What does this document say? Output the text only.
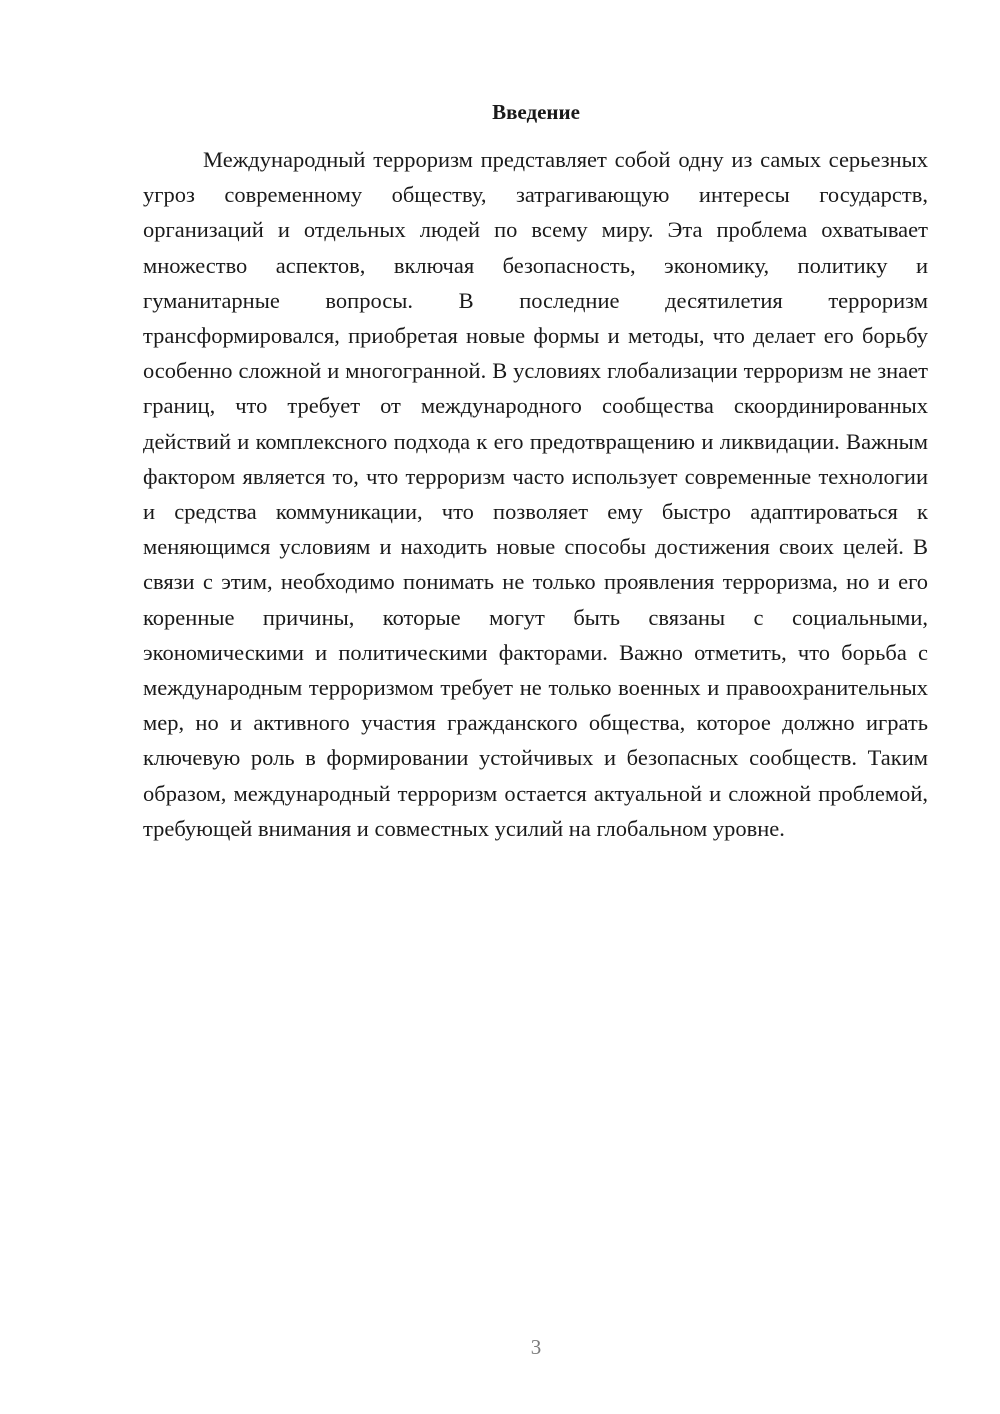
Введение

Международный терроризм представляет собой одну из самых серьезных угроз современному обществу, затрагивающую интересы государств, организаций и отдельных людей по всему миру. Эта проблема охватывает множество аспектов, включая безопасность, экономику, политику и гуманитарные вопросы. В последние десятилетия терроризм трансформировался, приобретая новые формы и методы, что делает его борьбу особенно сложной и многогранной. В условиях глобализации терроризм не знает границ, что требует от международного сообщества скоординированных действий и комплексного подхода к его предотвращению и ликвидации. Важным фактором является то, что терроризм часто использует современные технологии и средства коммуникации, что позволяет ему быстро адаптироваться к меняющимся условиям и находить новые способы достижения своих целей. В связи с этим, необходимо понимать не только проявления терроризма, но и его коренные причины, которые могут быть связаны с социальными, экономическими и политическими факторами. Важно отметить, что борьба с международным терроризмом требует не только военных и правоохранительных мер, но и активного участия гражданского общества, которое должно играть ключевую роль в формировании устойчивых и безопасных сообществ. Таким образом, международный терроризм остается актуальной и сложной проблемой, требующей внимания и совместных усилий на глобальном уровне.

3
